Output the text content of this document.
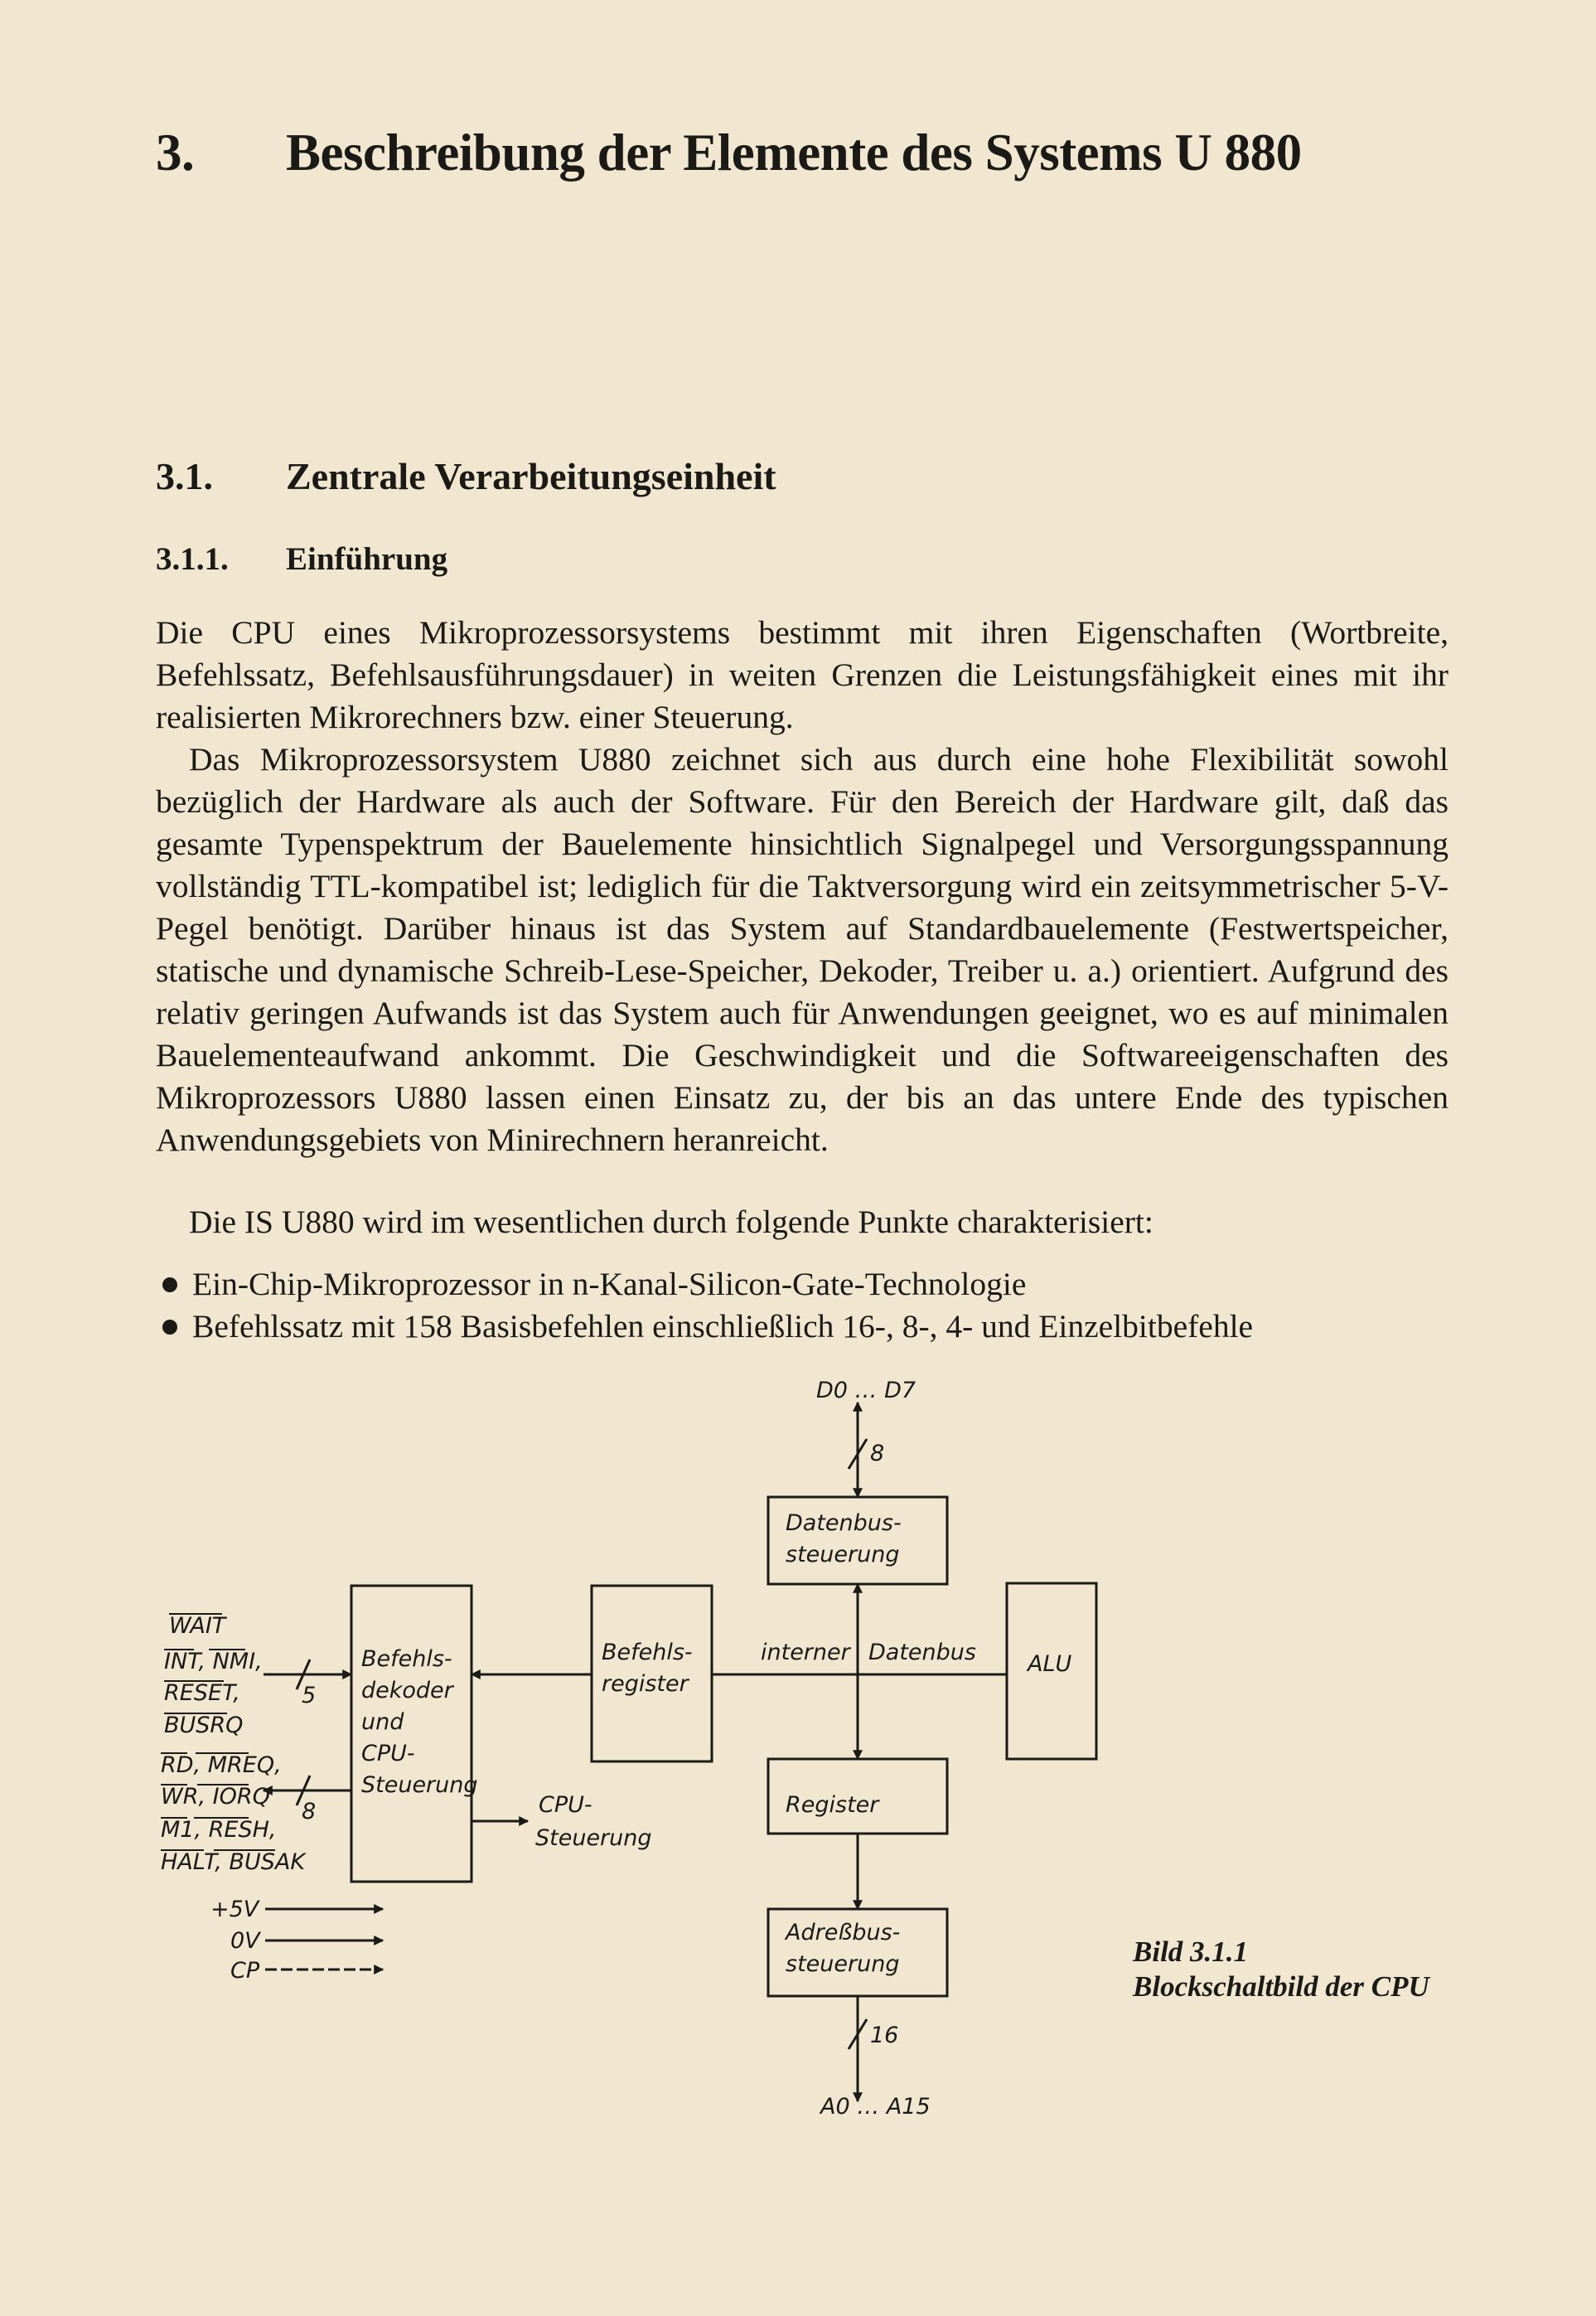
3. Beschreibung der Elemente des Systems U 880
3.1. Zentrale Verarbeitungseinheit
3.1.1. Einführung

Die CPU eines Mikroprozessorsystems bestimmt mit ihren Eigenschaften (Wortbreite, Befehlssatz, Befehlsausführungsdauer) in weiten Grenzen die Leistungsfähigkeit eines mit ihr realisierten Mikrorechners bzw. einer Steuerung.

Das Mikroprozessorsystem U880 zeichnet sich aus durch eine hohe Flexibilität sowohl bezüglich der Hardware als auch der Software. Für den Bereich der Hardware gilt, daß das gesamte Typenspektrum der Bauelemente hinsichtlich Signalpegel und Versorgungsspannung vollständig TTL-kompatibel ist; lediglich für die Taktversorgung wird ein zeitsymmetrischer 5-V-Pegel benötigt. Darüber hinaus ist das System auf Standardbauelemente (Festwertspeicher, statische und dynamische Schreib-Lese-Speicher, Dekoder, Treiber u. a.) orientiert. Aufgrund des relativ geringen Aufwands ist das System auch für Anwendungen geeignet, wo es auf minimalen Bauelementeaufwand ankommt. Die Geschwindigkeit und die Softwareeigenschaften des Mikroprozessors U880 lassen einen Einsatz zu, der bis an das untere Ende des typischen Anwendungsgebiets von Minirechnern heranreicht.

Die IS U880 wird im wesentlichen durch folgende Punkte charakterisiert:

Ein-Chip-Mikroprozessor in n-Kanal-Silicon-Gate-Technologie
Befehlssatz mit 158 Basisbefehlen einschließlich 16-, 8-, 4- und Einzelbitbefehle
D0 … D7
8
Datenbus-
steuerung
Befehls-
dekoder
und
CPU-
Steuerung
Befehls-
register
interner Datenbus ALU
Register
Adreßbus-
steuerung
16
A0 … A15
WAIT
INT, NMI,
RESET,
BUSRQ
5
RD, MREQ,
WR, IORQ
M1, RESH,
HALT, BUSAK
8	CPU-
Steuerung
+5V
0V
CP
Bild 3.1.1
Blockschaltbild der CPU
